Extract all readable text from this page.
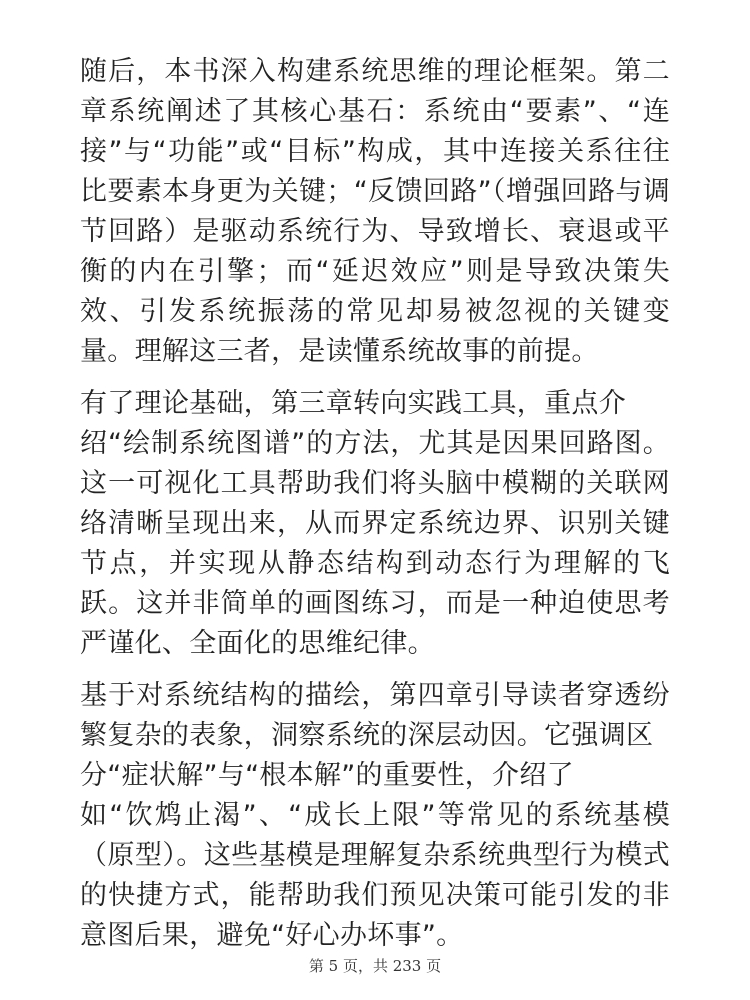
随后，本书深入构建系统思维的理论框架。第二章系统阐述了其核心基石：系统由“要素”、“连接”与“功能”或“目标”构成，其中连接关系往往比要素本身更为关键；“反馈回路”（增强回路与调节回路）是驱动系统行为、导致增长、衰退或平衡的内在引擎；而“延迟效应”则是导致决策失效、引发系统振荡的常见却易被忽视的关键变量。理解这三者，是读懂系统故事的前提。

有了理论基础，第三章转向实践工具，重点介
绍“绘制系统图谱”的方法，尤其是因果回路图。这一可视化工具帮助我们将头脑中模糊的关联网络清晰呈现出来，从而界定系统边界、识别关键节点，并实现从静态结构到动态行为理解的飞跃。这并非简单的画图练习，而是一种迫使思考严谨化、全面化的思维纪律。

基于对系统结构的描绘，第四章引导读者穿透纷繁复杂的表象，洞察系统的深层动因。它强调区
分“症状解”与“根本解”的重要性，介绍了
如“饮鸩止渴”、“成长上限”等常见的系统基模（原型）。这些基模是理解复杂系统典型行为模式的快捷方式，能帮助我们预见决策可能引发的非意图后果，避免“好心办坏事”。

第 5 页，共 233 页
